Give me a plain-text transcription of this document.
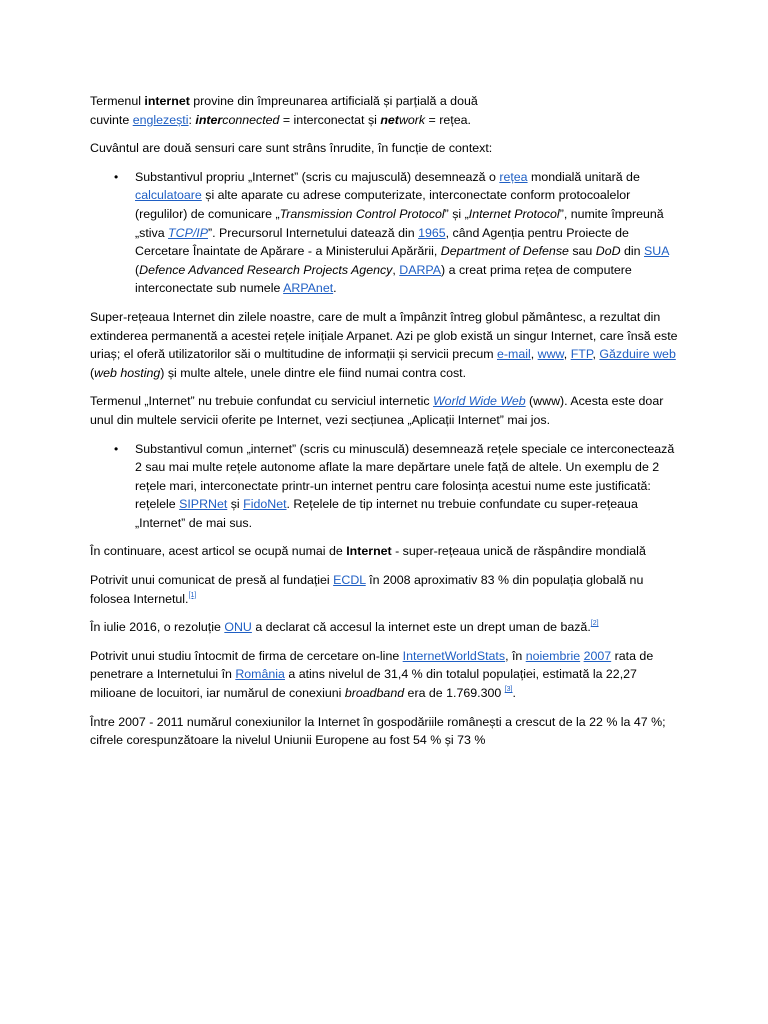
Termenul internet provine din împreunarea artificială și parțială a două
cuvinte englezești: interconnected = interconectat și network = rețea.

Cuvântul are două sensuri care sunt strâns înrudite, în funcție de context:

• Substantivul propriu „Internet” (scris cu majusculă) desemnează o rețea mondială unitară de calculatoare și alte aparate cu adrese computerizate, interconectate conform protocoalelor (regulilor) de comunicare „Transmission Control Protocol” și „Internet Protocol”, numite împreună „stiva TCP/IP”. Precursorul Internetului datează din 1965, când Agenția pentru Proiecte de Cercetare Înaintate de Apărare - a Ministerului Apărării, Department of Defense sau DoD din SUA (Defence Advanced Research Projects Agency, DARPA) a creat prima rețea de computere interconectate sub numele ARPAnet.

Super-rețeaua Internet din zilele noastre, care de mult a împânzit întreg globul pământesc, a rezultat din extinderea permanentă a acestei rețele inițiale Arpanet. Azi pe glob există un singur Internet, care însă este uriaș; el oferă utilizatorilor săi o multitudine de informații și servicii precum e-mail, www, FTP, Găzduire web (web hosting) și multe altele, unele dintre ele fiind numai contra cost.

Termenul „Internet” nu trebuie confundat cu serviciul internetic World Wide Web (www). Acesta este doar unul din multele servicii oferite pe Internet, vezi secțiunea „Aplicații Internet” mai jos.

• Substantivul comun „internet” (scris cu minusculă) desemnează rețele speciale ce interconectează 2 sau mai multe rețele autonome aflate la mare depărtare unele față de altele. Un exemplu de 2 rețele mari, interconectate printr-un internet pentru care folosința acestui nume este justificată: rețelele SIPRNet și FidoNet. Rețelele de tip internet nu trebuie confundate cu super-rețeaua „Internet” de mai sus.

În continuare, acest articol se ocupă numai de Internet - super-rețeaua unică de răspândire mondială

Potrivit unui comunicat de presă al fundației ECDL în 2008 aproximativ 83 % din populația globală nu folosea Internetul.[1]

În iulie 2016, o rezoluție ONU a declarat că accesul la internet este un drept uman de bază.[2]

Potrivit unui studiu întocmit de firma de cercetare on-line InternetWorldStats, în noiembrie 2007 rata de penetrare a Internetului în România a atins nivelul de 31,4 % din totalul populației, estimată la 22,27 milioane de locuitori, iar numărul de conexiuni broadband era de 1.769.300 [3].

Între 2007 - 2011 numărul conexiunilor la Internet în gospodăriile românești a crescut de la 22 % la 47 %; cifrele corespunzătoare la nivelul Uniunii Europene au fost 54 % și 73 %
